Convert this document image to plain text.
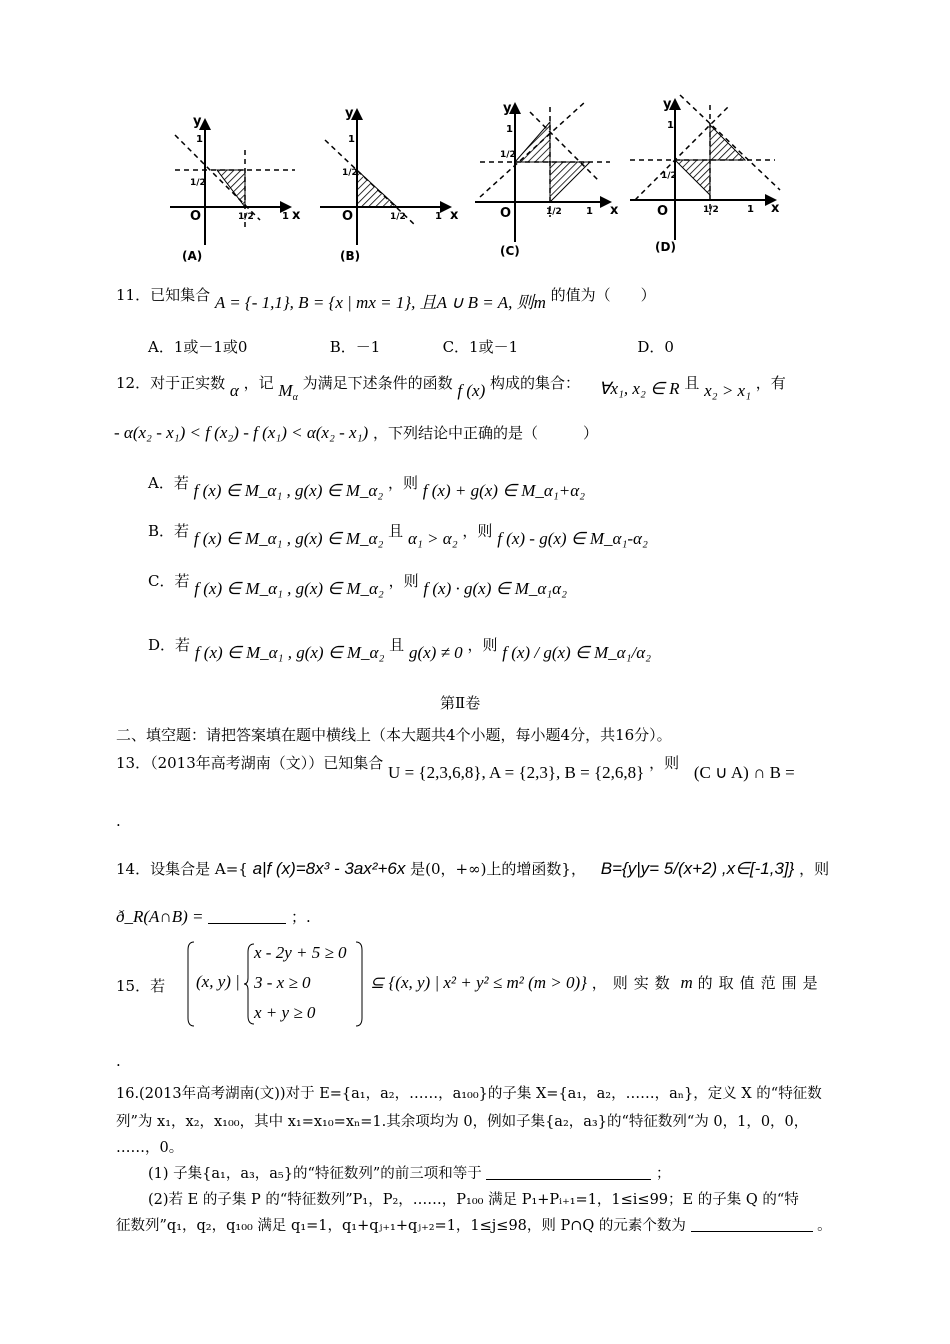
y
x
O
1
1
1/2
1/2
(A)
y
x
O
1
1
1/2
1/2
(B)
y
x
O
1
1
1/2
1/2
(C)
y
x
O
1
1
1/2
1/2
(D)
11．已知集合 A = {- 1,1}, B = {x | mx = 1}, 且A ∪ B = A, 则m 的值为（　　）
A．1或－1或0	B．－1	C．1或－1	D．0
12．对于正实数 α ，记 $M_\alpha$ 为满足下述条件的函数 f (x) 构成的集合： ∀x₁, x₂ ∈ R 且 x₂ > x₁ ，有
- α(x₂ - x₁) < f (x₂) - f (x₁) < α(x₂ - x₁) ，下列结论中正确的是（　　　）
A．若 f (x) ∈ M_α₁ , g(x) ∈ M_α₂ ，则 f (x) + g(x) ∈ M_α₁+α₂
B．若 f (x) ∈ M_α₁ , g(x) ∈ M_α₂ 且 α₁ > α₂ ，则 f (x) - g(x) ∈ M_α₁-α₂
C．若 f (x) ∈ M_α₁ , g(x) ∈ M_α₂ ，则 f (x) · g(x) ∈ M_α₁α₂
D．若 f (x) ∈ M_α₁ , g(x) ∈ M_α₂ 且 g(x) ≠ 0 ，则 f (x) / g(x) ∈ M_α₁/α₂
第Ⅱ卷
二、填空题：请把答案填在题中横线上（本大题共4个小题，每小题4分，共16分）。
13．（2013年高考湖南（文））已知集合 U = {2,3,6,8}, A = {2,3}, B = {2,6,8} ，则 (C ∪ A) ∩ B =
.
14．设集合是 A={ a|f (x)=8x³ - 3ax²+6x 是(0，+∞)上的增函数}， B={y|y= 5/(x+2) ,x∈[-1,3]} ，则
ð_R(A∩B) =	；.
15．若 (x, y) |
x - 2y + 5 ≥ 0
3 - x ≥ 0
x + y ≥ 0
⊆ {(x, y) | x² + y² ≤ m² (m > 0)} ，则实数 m 的取值范围是
.
16.(2013年高考湖南(文))对于 E={a₁，a₂，……，a₁₀₀}的子集 X={a₁，a₂，……，aₙ}，定义 X 的“特征数
列”为 x₁，x₂，x₁₀₀，其中 x₁=x₁₀=xₙ=1.其余项均为 0，例如子集{a₂，a₃}的“特征数列“为 0，1，0，0，
……，0。
(1) 子集{a₁，a₃，a₅}的“特征数列”的前三项和等于	；
(2)若 E 的子集 P 的“特征数列”P₁，P₂，……，P₁₀₀ 满足 P₁+Pᵢ₊₁=1，1≤i≤99；E 的子集 Q 的“特
征数列”q₁，q₂，q₁₀₀ 满足 q₁=1，q₁+qⱼ₊₁+qⱼ₊₂=1，1≤j≤98，则 P∩Q 的元素个数为	。
